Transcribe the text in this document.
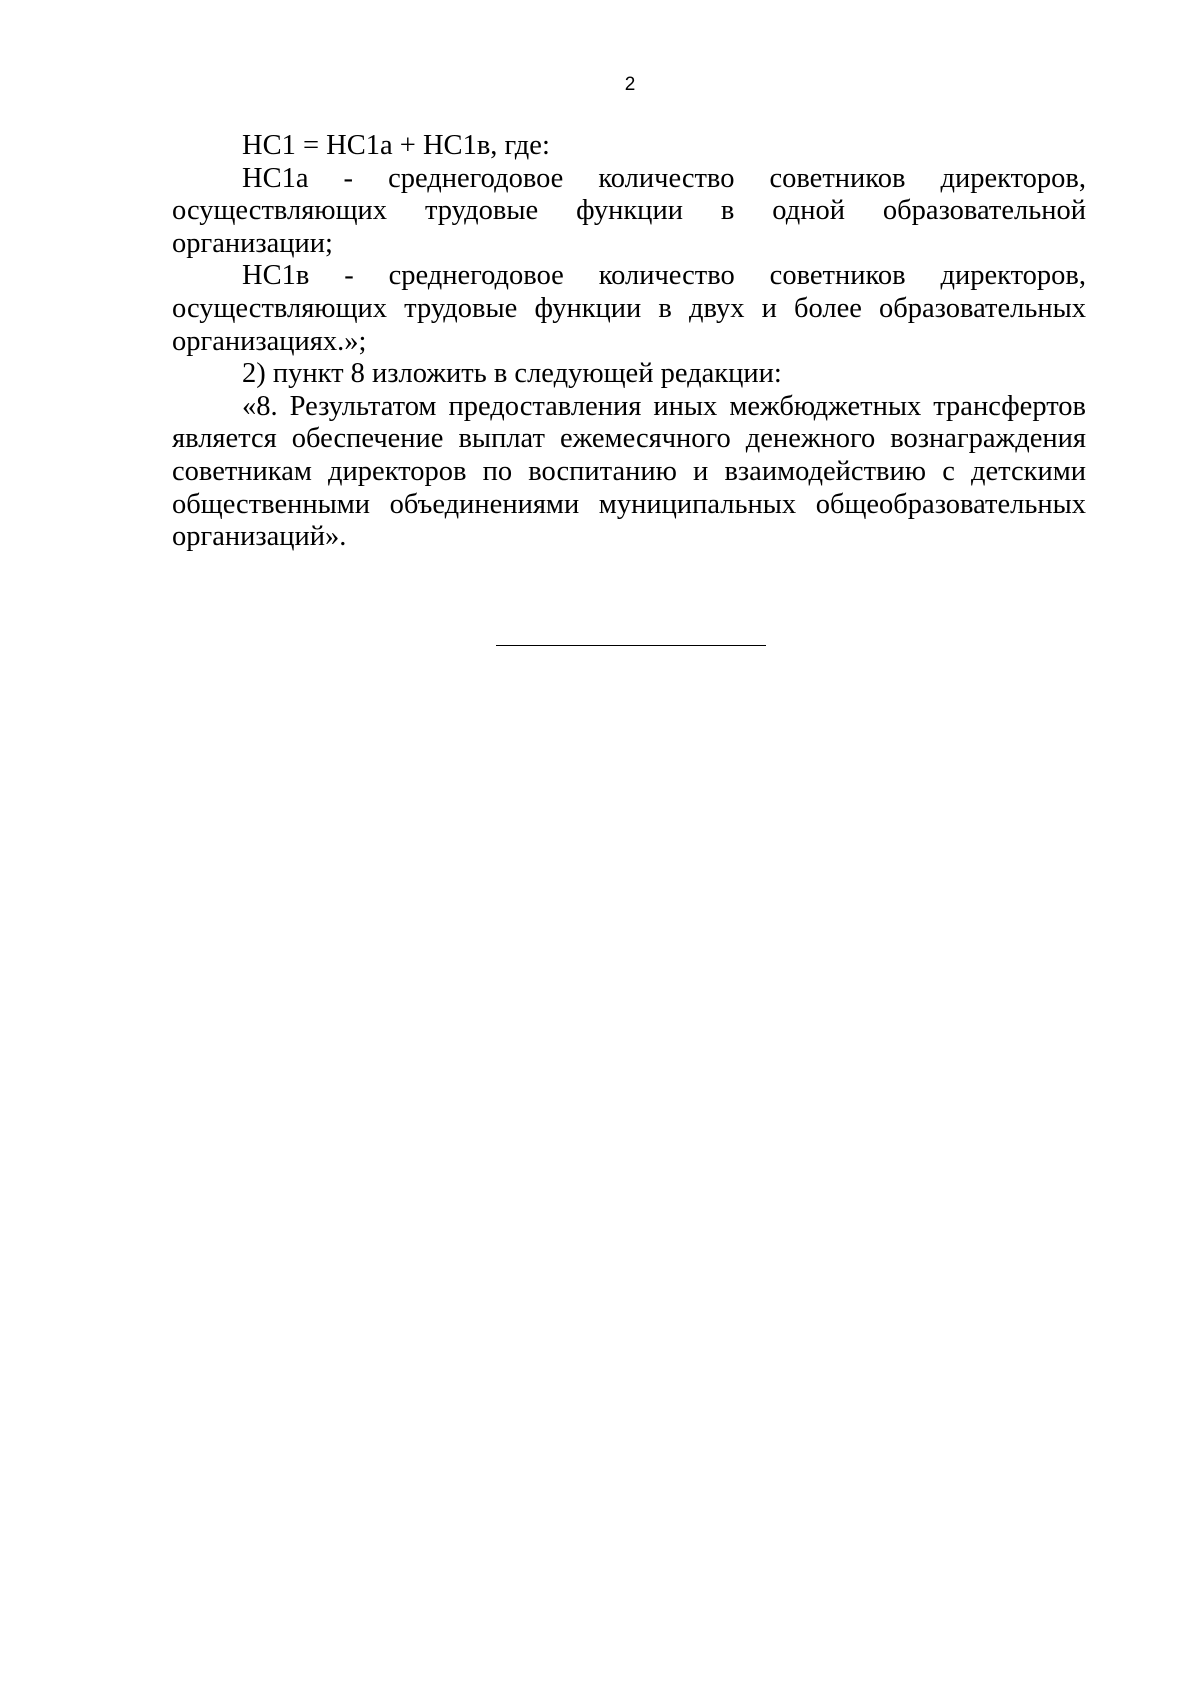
2

НС1 = НС1а + НС1в, где:

НС1а - среднегодовое количество советников директоров, осуществляющих трудовые функции в одной образовательной организации;

НС1в - среднегодовое количество советников директоров, осуществляющих трудовые функции в двух и более образовательных организациях.»;

2) пункт 8 изложить в следующей редакции:

«8. Результатом предоставления иных межбюджетных трансфертов является обеспечение выплат ежемесячного денежного вознаграждения советникам директоров по воспитанию и взаимодействию с детскими общественными объединениями муниципальных общеобразовательных организаций».
